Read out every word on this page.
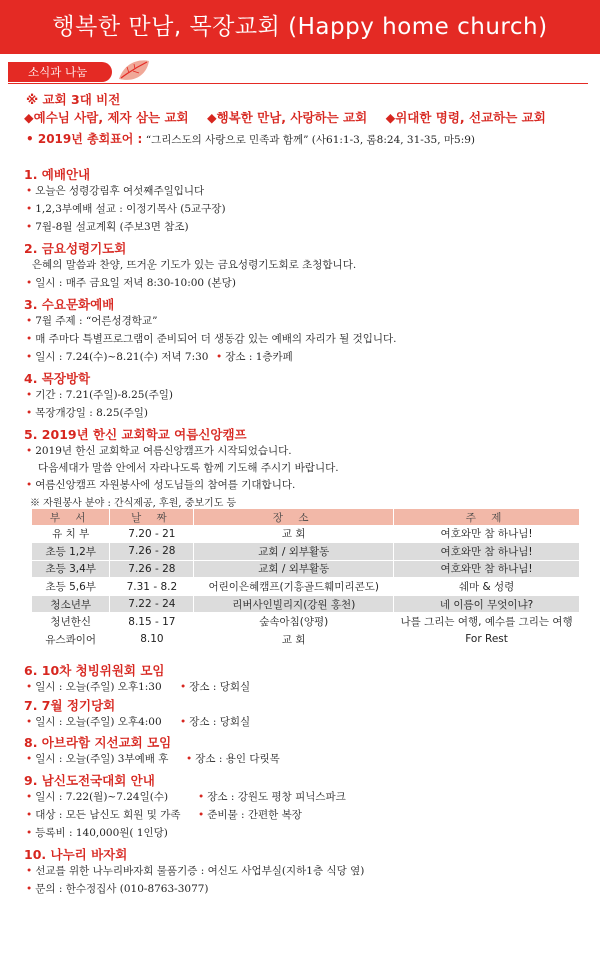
행복한 만남, 목장교회 (Happy home church)
소식과 나눔
※ 교회 3대 비전
◆예수님 사람, 제자 삼는 교회 ◆행복한 만남, 사랑하는 교회 ◆위대한 명령, 선교하는 교회
• 2019년 총회표어 : “그리스도의 사랑으로 민족과 함께” (사61:1-3, 롬8:24, 31-35, 마5:9)
1. 예배안내
• 오늘은 성령강림후 여섯째주일입니다
• 1,2,3부예배 설교 : 이정기목사 (5교구장)
• 7월-8월 설교계획 (주보3면 참조)
2. 금요성령기도회
은혜의 말씀과 찬양, 뜨거운 기도가 있는 금요성령기도회로 초청합니다.
• 일시 : 매주 금요일 저녁 8:30-10:00 (본당)
3. 수요문화예배
• 7월 주제 : “어른성경학교”
• 매 주마다 특별프로그램이 준비되어 더 생동감 있는 예배의 자리가 될 것입니다.
• 일시 : 7.24(수)~8.21(수) 저녁 7:30 • 장소 : 1층카페
4. 목장방학
• 기간 : 7.21(주일)-8.25(주일)
• 목장개강일 : 8.25(주일)
5. 2019년 한신 교회학교 여름신앙캠프
• 2019년 한신 교회학교 여름신앙캠프가 시작되었습니다.
다음세대가 말씀 안에서 자라나도록 함께 기도해 주시기 바랍니다.
• 여름신앙캠프 자원봉사에 성도님들의 참여를 기대합니다.
※ 자원봉사 분야 : 간식제공, 후원, 중보기도 등
부 서	날 짜	장 소	주 제
유 치 부	7.20 - 21	교 회	여호와만 참 하나님!
초등 1,2부	7.26 - 28	교회 / 외부활동	여호와만 참 하나님!
초등 3,4부	7.26 - 28	교회 / 외부활동	여호와만 참 하나님!
초등 5,6부	7.31 - 8.2	어린이은혜캠프(기흥골드훼미리콘도)	쉐마 & 성령
청소년부	7.22 - 24	리버사인빌리지(강원 홍천)	네 이름이 무엇이냐?
청년한신	8.15 - 17	숲속아침(양평)	나를 그리는 여행, 예수를 그리는 여행
유스콰이어	8.10	교 회	For Rest
6. 10차 청빙위원회 모임
• 일시 : 오늘(주일) 오후1:30 • 장소 : 당회실
7. 7월 정기당회
• 일시 : 오늘(주일) 오후4:00 • 장소 : 당회실
8. 아브라함 지선교회 모임
• 일시 : 오늘(주일) 3부예배 후 • 장소 : 용인 다릿목
9. 남신도전국대회 안내
• 일시 : 7.22(월)~7.24일(수)	• 장소 : 강원도 평창 피닉스파크
• 대상 : 모든 남신도 회원 및 가족 • 준비물 : 간편한 복장
• 등록비 : 140,000원( 1인당)
10. 나누리 바자회
• 선교를 위한 나누리바자회 물품기증 : 여신도 사업부실(지하1층 식당 옆)
• 문의 : 한수정집사 (010-8763-3077)
